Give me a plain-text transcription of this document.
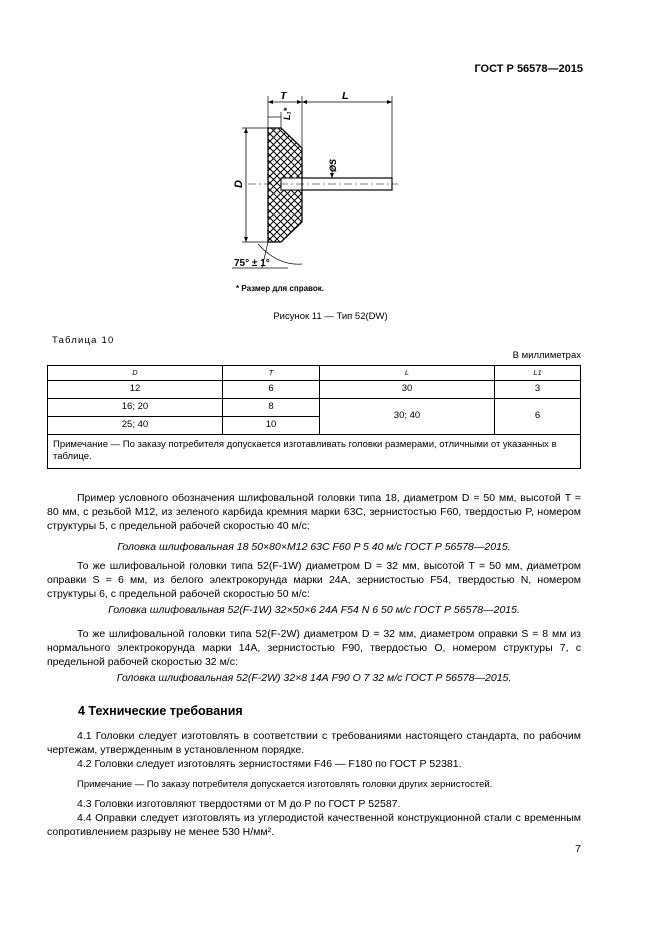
ГОСТ Р 56578—2015
T	L
L₁*
D
ØS
75° ± 1°
* Размер для справок.
Рисунок 11 — Тип 52(DW)
Таблица 10
В миллиметрах
D	T	L	L1
12	6	30	3
16; 20	8	30; 40	6
25; 40	10		
Примечание — По заказу потребителя допускается изготавливать головки размерами, отличными от указанных в таблице.			

Пример условного обозначения шлифовальной головки типа 18, диаметром D = 50 мм, высотой T = 80 мм, с резьбой M12, из зеленого карбида кремния марки 63С, зернистостью F60, твердостью P, номером структуры 5, с предельной рабочей скоростью 40 м/с:

Головка шлифовальная 18 50×80×M12 63С F60 P 5 40 м/с ГОСТ Р 56578—2015.

То же шлифовальной головки типа 52(F-1W) диаметром D = 32 мм, высотой T = 50 мм, диаметром оправки S = 6 мм, из белого электрокорунда марки 24А, зернистостью F54, твердостью N, номером структуры 6, с предельной рабочей скоростью 50 м/с:

Головка шлифовальная 52(F-1W) 32×50×6 24А F54 N 6 50 м/с ГОСТ Р 56578—2015.

То же шлифовальной головки типа 52(F-2W) диаметром D = 32 мм, диаметром оправки S = 8 мм из нормального электрокорунда марки 14А, зернистостью F90, твердостью O, номером структуры 7, с предельной рабочей скоростью 32 м/с:

Головка шлифовальная 52(F-2W) 32×8 14А F90 O 7 32 м/с ГОСТ Р 56578—2015.
4 Технические требования

4.1 Головки следует изготовлять в соответствии с требованиями настоящего стандарта, по рабочим чертежам, утвержденным в установленном порядке.

4.2 Головки следует изготовлять зернистостями F46 — F180 по ГОСТ Р 52381.

Примечание — По заказу потребителя допускается изготовлять головки других зернистостей.

4.3 Головки изготовляют твердостями от M до P по ГОСТ Р 52587.

4.4 Оправки следует изготовлять из углеродистой качественной конструкционной стали с временным сопротивлением разрыву не менее 530 Н/мм².

7
